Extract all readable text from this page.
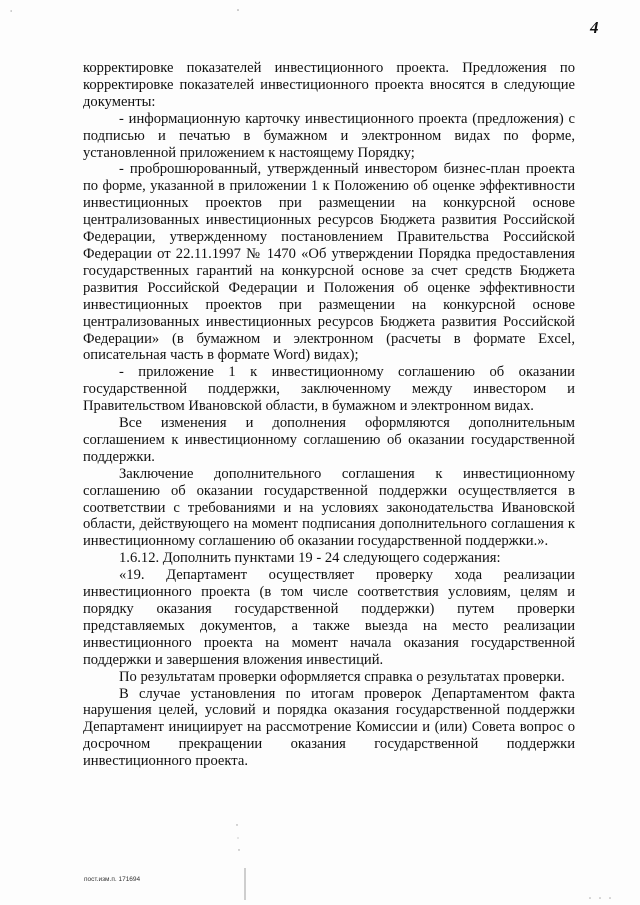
∙
4

корректировке показателей инвестиционного проекта. Предложения по корректировке показателей инвестиционного проекта вносятся в следующие документы:

- информационную карточку инвестиционного проекта (предложения) с подписью и печатью в бумажном и электронном видах по форме, установленной приложением к настоящему Порядку;

- проброшюрованный, утвержденный инвестором бизнес-план проекта по форме, указанной в приложении 1 к Положению об оценке эффективности инвестиционных проектов при размещении на конкурсной основе централизованных инвестиционных ресурсов Бюджета развития Российской Федерации, утвержденному постановлением Правительства Российской Федерации от 22.11.1997 № 1470 «Об утверждении Порядка предоставления государственных гарантий на конкурсной основе за счет средств Бюджета развития Российской Федерации и Положения об оценке эффективности инвестиционных проектов при размещении на конкурсной основе централизованных инвестиционных ресурсов Бюджета развития Российской Федерации» (в бумажном и электронном (расчеты в формате Excel, описательная часть в формате Word) видах);

- приложение 1 к инвестиционному соглашению об оказании государственной поддержки, заключенному между инвестором и Правительством Ивановской области, в бумажном и электронном видах.

Все изменения и дополнения оформляются дополнительным соглашением к инвестиционному соглашению об оказании государственной поддержки.

Заключение дополнительного соглашения к инвестиционному соглашению об оказании государственной поддержки осуществляется в соответствии с требованиями и на условиях законодательства Ивановской области, действующего на момент подписания дополнительного соглашения к инвестиционному соглашению об оказании государственной поддержки.».

1.6.12. Дополнить пунктами 19 - 24 следующего содержания:

«19. Департамент осуществляет проверку хода реализации инвестиционного проекта (в том числе соответствия условиям, целям и порядку оказания государственной поддержки) путем проверки представляемых документов, а также выезда на место реализации инвестиционного проекта на момент начала оказания государственной поддержки и завершения вложения инвестиций.

По результатам проверки оформляется справка о результатах проверки.

В случае установления по итогам проверок Департаментом факта нарушения целей, условий и порядка оказания государственной поддержки Департамент инициирует на рассмотрение Комиссии и (или) Совета вопрос о досрочном прекращении оказания государственной поддержки инвестиционного проекта.

пост.изм.п. 171694
